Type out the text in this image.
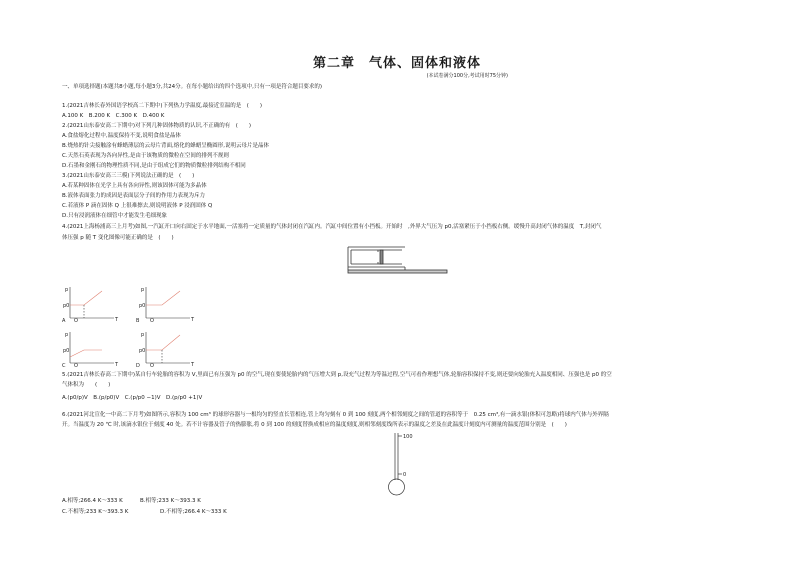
第二章　气体、固体和液体
(本试卷满分100分,考试用时75分钟)
一、单项选择题(本题共8小题,每小题3分,共24分。在每小题给出的四个选项中,只有一项是符合题目要求的)
1.(2021吉林长春外国语学校高二下期中)下列热力学温度,最接近室温的是　(　　)
A.100 K　B.200 K　C.300 K　D.400 K
2.(2021山东泰安高二下期中)对下列几种固体物质的认识,不正确的有　(　　)
A.食盐熔化过程中,温度保持不变,说明食盐是晶体
B.烧热的针尖接触涂有蜂蜡薄层的云母片背面,熔化的蜂蜡呈椭圆形,说明云母片是晶体
C.天然石英表现为各向异性,是由于该物质的微粒在空间的排列不规则
D.石墨和金刚石的物理性质不同,是由于组成它们的物质微粒排列结构不相同
3.(2021山东泰安高三三模)下列说法正确的是　(　　)
A.若某种固体在光学上具有各向异性,则该固体可能为多晶体
B.液体表面张力的成因是表面层分子间的作用力表现为斥力
C.若液体 P 滴在固体 Q 上很难擦去,则说明液体 P 浸润固体 Q
D.只有浸润液体在细管中才能发生毛细现象
4.(2021上海杨浦高三上月考)如图,一汽缸开口向右固定于水平地面,一活塞将一定质量的气体封闭在汽缸内。汽缸中间位置有小挡板。开始时　,外界大气压为 p0,活塞紧压于小挡板右侧。缓慢升高封闭气体的温度　T,封闭气
体压强 p 随 T 变化图像可能正确的是　(　　)
p
p0
T
A O
p
p0
T
B O
p
p0
T
C O
p
p0
T
D O
5.(2021吉林长春高二下期中)某自行车轮胎的容积为 V,里面已有压强为 p0 的空气,现在要使轮胎内的气压增大到 p,设充气过程为等温过程,空气可看作理想气体,轮胎容积保持不变,则还要向轮胎充入温度相同、压强也是 p0 的空
气体积为　　(　　)
A.(p0/p)V　B.(p/p0)V　C.(p/p0 −1)V　D.(p/p0 +1)V
6.(2021河北宣化一中高二下月考)如图所示,容积为 100 cm³ 的球形容器与一根均匀的竖直长管相连,管上均匀刻有 0 到 100 刻度,两个相邻刻度之间的管道的容积等于　0.25 cm³,有一滴水银(体积可忽略)将球内气体与外界隔
开。当温度为 20 ℃ 时,该滴水银位于刻度 40 处。若不计容器及管子的热膨胀,将 0 到 100 的刻度替换成相应的温度刻度,则相邻刻度线所表示的温度之差及在此温度计刻度内可测量的温度范围分别是　(　　)
100
0
A.相等;266.4 K～333 K	B.相等;233 K～393.3 K
C.不相等;233 K～393.3 K	D.不相等;266.4 K～333 K
